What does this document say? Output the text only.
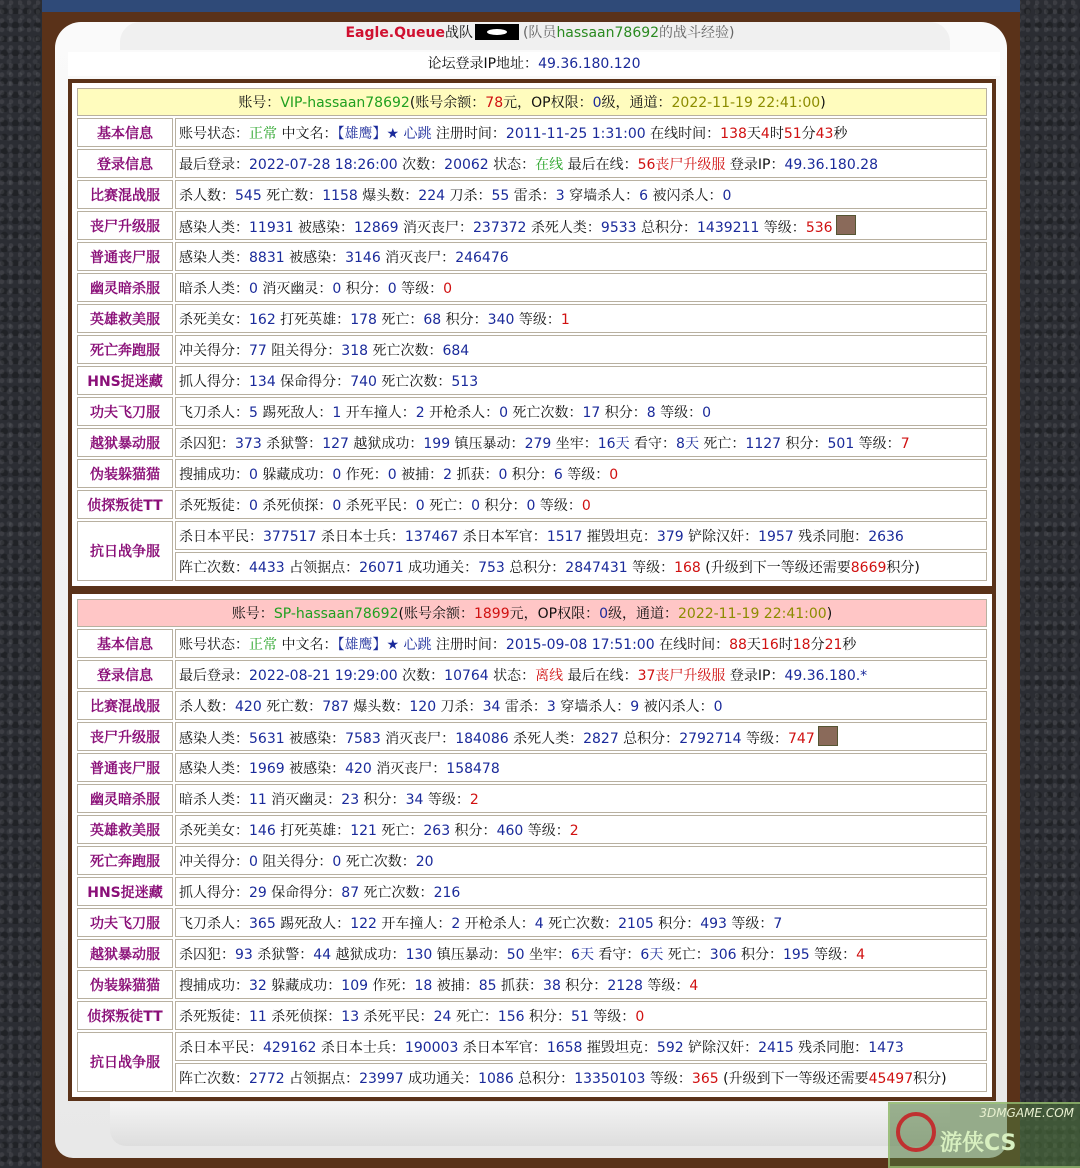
Eagle.Queue战队	(队员hassaan78692的战斗经验)
论坛登录IP地址：49.36.180.120
账号：VIP-hassaan78692(账号余额：78元，OP权限：0级，通道：2022-11-19 22:41:00)	
基本信息	账号状态：正常 中文名：【雄鹰】★ 心跳 注册时间：2011-11-25 1:31:00 在线时间：138天4时51分43秒
登录信息	最后登录：2022-07-28 18:26:00 次数：20062 状态：在线 最后在线：56丧尸升级服 登录IP：49.36.180.28
比赛混战服	杀人数：545 死亡数：1158 爆头数：224 刀杀：55 雷杀：3 穿墙杀人：6 被闪杀人：0
丧尸升级服	感染人类：11931 被感染：12869 消灭丧尸：237372 杀死人类：9533 总积分：1439211 等级：536
普通丧尸服	感染人类：8831 被感染：3146 消灭丧尸：246476
幽灵暗杀服	暗杀人类：0 消灭幽灵：0 积分：0 等级：0
英雄救美服	杀死美女：162 打死英雄：178 死亡：68 积分：340 等级：1
死亡奔跑服	冲关得分：77 阻关得分：318 死亡次数：684
HNS捉迷藏	抓人得分：134 保命得分：740 死亡次数：513
功夫飞刀服	飞刀杀人：5 踢死敌人：1 开车撞人：2 开枪杀人：0 死亡次数：17 积分：8 等级：0
越狱暴动服	杀囚犯：373 杀狱警：127 越狱成功：199 镇压暴动：279 坐牢：16天 看守：8天 死亡：1127 积分：501 等级：7
伪装躲猫猫	搜捕成功：0 躲藏成功：0 作死：0 被捕：2 抓获：0 积分：6 等级：0
侦探叛徒TT	杀死叛徒：0 杀死侦探：0 杀死平民：0 死亡：0 积分：0 等级：0
抗日战争服	杀日本平民：377517 杀日本士兵：137467 杀日本军官：1517 摧毁坦克：379 铲除汉奸：1957 残杀同胞：2636
	阵亡次数：4433 占领据点：26071 成功通关：753 总积分：2847431 等级：168 (升级到下一等级还需要8669积分)
账号：SP-hassaan78692(账号余额：1899元，OP权限：0级，通道：2022-11-19 22:41:00)	
基本信息	账号状态：正常 中文名：【雄鹰】★ 心跳 注册时间：2015-09-08 17:51:00 在线时间：88天16时18分21秒
登录信息	最后登录：2022-08-21 19:29:00 次数：10764 状态：离线 最后在线：37丧尸升级服 登录IP：49.36.180.*
比赛混战服	杀人数：420 死亡数：787 爆头数：120 刀杀：34 雷杀：3 穿墙杀人：9 被闪杀人：0
丧尸升级服	感染人类：5631 被感染：7583 消灭丧尸：184086 杀死人类：2827 总积分：2792714 等级：747
普通丧尸服	感染人类：1969 被感染：420 消灭丧尸：158478
幽灵暗杀服	暗杀人类：11 消灭幽灵：23 积分：34 等级：2
英雄救美服	杀死美女：146 打死英雄：121 死亡：263 积分：460 等级：2
死亡奔跑服	冲关得分：0 阻关得分：0 死亡次数：20
HNS捉迷藏	抓人得分：29 保命得分：87 死亡次数：216
功夫飞刀服	飞刀杀人：365 踢死敌人：122 开车撞人：2 开枪杀人：4 死亡次数：2105 积分：493 等级：7
越狱暴动服	杀囚犯：93 杀狱警：44 越狱成功：130 镇压暴动：50 坐牢：6天 看守：6天 死亡：306 积分：195 等级：4
伪装躲猫猫	搜捕成功：32 躲藏成功：109 作死：18 被捕：85 抓获：38 积分：2128 等级：4
侦探叛徒TT	杀死叛徒：11 杀死侦探：13 杀死平民：24 死亡：156 积分：51 等级：0
抗日战争服	杀日本平民：429162 杀日本士兵：190003 杀日本军官：1658 摧毁坦克：592 铲除汉奸：2415 残杀同胞：1473
	阵亡次数：2772 占领据点：23997 成功通关：1086 总积分：13350103 等级：365 (升级到下一等级还需要45497积分)
3DMGAME.COM
游侠CS
